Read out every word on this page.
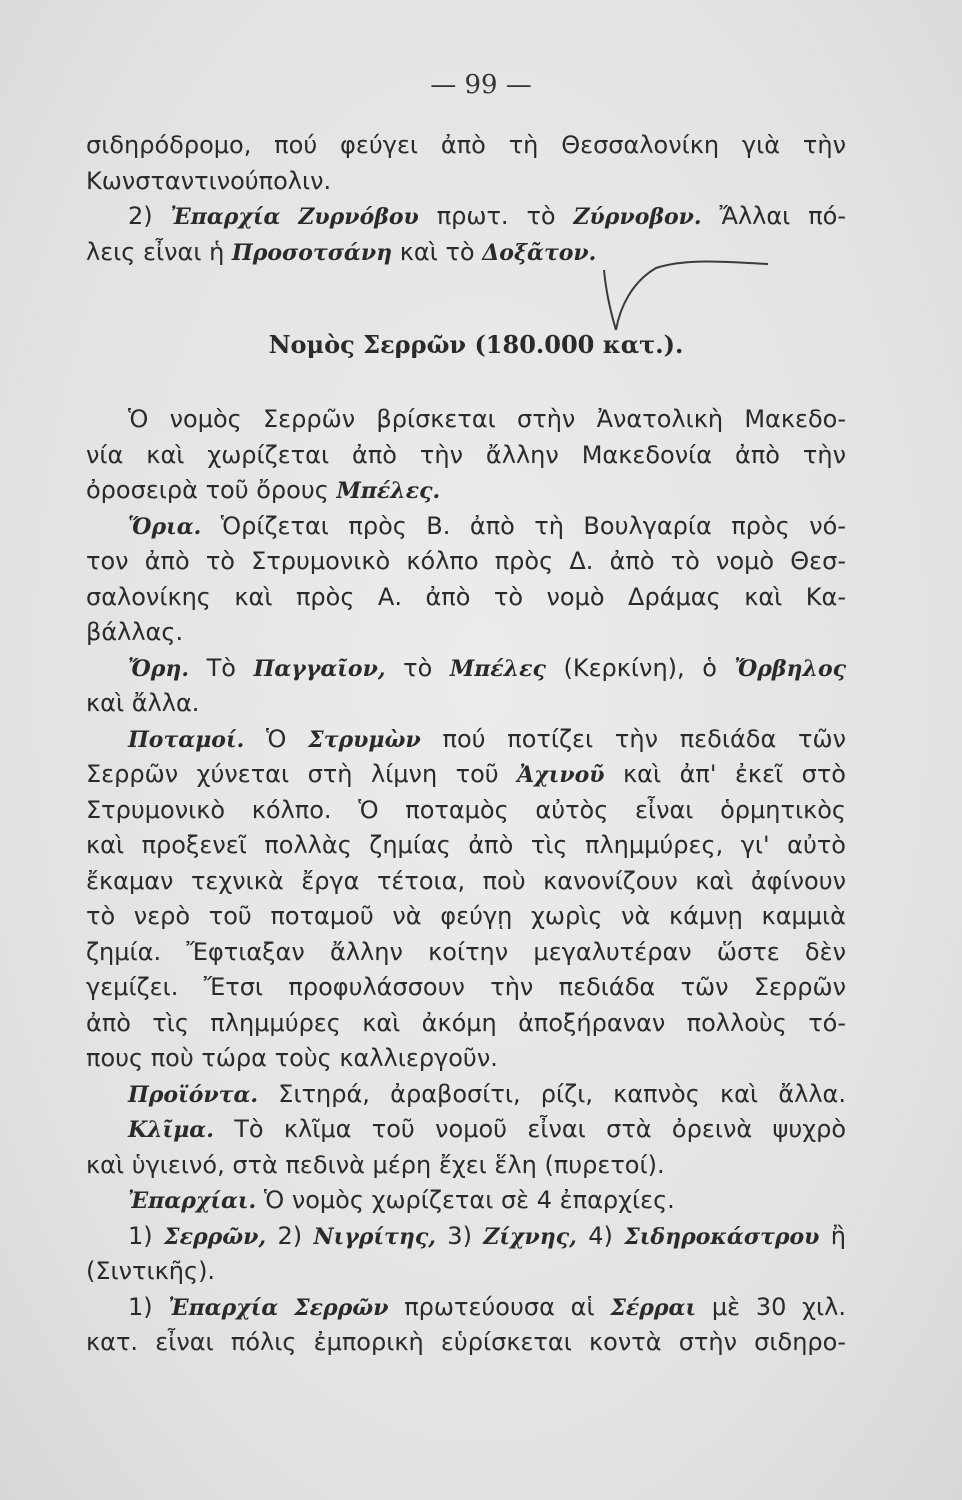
— 99 —
σιδηρόδρομο, πού φεύγει ἀπὸ τὴ Θεσσαλονίκη γιὰ τὴν
Κωνσταντινούπολιν.
2) Ἐπαρχία Ζυρνόβου πρωτ. τὸ Ζύρνοβον. Ἄλλαι πό-
λεις εἶναι ἡ Προσοτσάνη καὶ τὸ Δοξᾶτον.
Νομὸς Σερρῶν (180.000 κατ.).
Ὁ νομὸς Σερρῶν βρίσκεται στὴν Ἀνατολικὴ Μακεδο-
νία καὶ χωρίζεται ἀπὸ τὴν ἄλλην Μακεδονία ἀπὸ τὴν
ὀροσειρὰ τοῦ ὄρους Μπέλες.
Ὅρια. Ὁρίζεται πρὸς Β. ἀπὸ τὴ Βουλγαρία πρὸς νό-
τον ἀπὸ τὸ Στρυμονικὸ κόλπο πρὸς Δ. ἀπὸ τὸ νομὸ Θεσ-
σαλονίκης καὶ πρὸς Α. ἀπὸ τὸ νομὸ Δράμας καὶ Κα-
βάλλας.
Ὄρη. Τὸ Παγγαῖον, τὸ Μπέλες (Κερκίνη), ὁ Ὄρβηλος
καὶ ἄλλα.
Ποταμοί. Ὁ Στρυμὼν πού ποτίζει τὴν πεδιάδα τῶν
Σερρῶν χύνεται στὴ λίμνη τοῦ Ἀχινοῦ καὶ ἀπ' ἐκεῖ στὸ
Στρυμονικὸ κόλπο. Ὁ ποταμὸς αὐτὸς εἶναι ὁρμητικὸς
καὶ προξενεῖ πολλὰς ζημίας ἀπὸ τὶς πλημμύρες, γι' αὐτὸ
ἔκαμαν τεχνικὰ ἔργα τέτοια, ποὺ κανονίζουν καὶ ἀφίνουν
τὸ νερὸ τοῦ ποταμοῦ νὰ φεύγῃ χωρὶς νὰ κάμνῃ καμμιὰ
ζημία. Ἔφτιαξαν ἄλλην κοίτην μεγαλυτέραν ὥστε δὲν
γεμίζει. Ἔτσι προφυλάσσουν τὴν πεδιάδα τῶν Σερρῶν
ἀπὸ τὶς πλημμύρες καὶ ἀκόμη ἀποξήραναν πολλοὺς τό-
πους ποὺ τώρα τοὺς καλλιεργοῦν.
Προϊόντα. Σιτηρά, ἀραβοσίτι, ρίζι, καπνὸς καὶ ἄλλα.
Κλῖμα. Τὸ κλῖμα τοῦ νομοῦ εἶναι στὰ ὀρεινὰ ψυχρὸ
καὶ ὑγιεινό, στὰ πεδινὰ μέρη ἔχει ἕλη (πυρετοί).
Ἐπαρχίαι. Ὁ νομὸς χωρίζεται σὲ 4 ἐπαρχίες.
1) Σερρῶν, 2) Νιγρίτης, 3) Ζίχνης, 4) Σιδηροκάστρου ἢ
(Σιντικῆς).
1) Ἐπαρχία Σερρῶν πρωτεύουσα αἱ Σέρραι μὲ 30 χιλ.
κατ. εἶναι πόλις ἐμπορικὴ εὑρίσκεται κοντὰ στὴν σιδηρο-
